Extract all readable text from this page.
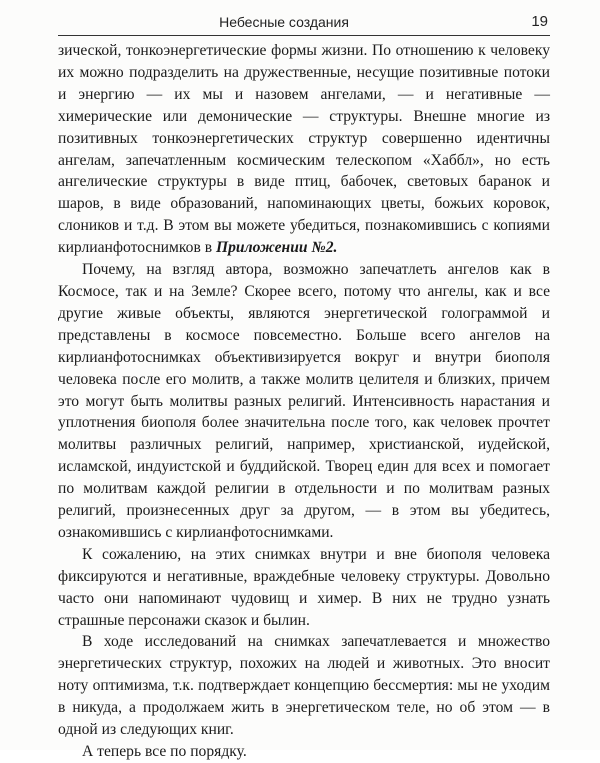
Небесные создания	19

зической, тонкоэнергетические формы жизни. По отношению к человеку их можно подразделить на дружественные, несущие позитивные потоки и энергию — их мы и назовем ангелами, — и негативные — химерические или демонические — структуры. Внешне многие из позитивных тонкоэнергетических структур совершенно идентичны ангелам, запечатленным космическим телескопом «Хаббл», но есть ангелические структуры в виде птиц, бабочек, световых баранок и шаров, в виде образований, напоминающих цветы, божьих коровок, слоников и т.д. В этом вы можете убедиться, познакомившись с копиями кирлианфотоснимков в Приложении №2.

Почему, на взгляд автора, возможно запечатлеть ангелов как в Космосе, так и на Земле? Скорее всего, потому что ангелы, как и все другие живые объекты, являются энергетической голограммой и представлены в космосе повсеместно. Больше всего ангелов на кирлианфотоснимках объективизируется вокруг и внутри биополя человека после его молитв, а также молитв целителя и близких, причем это могут быть молитвы разных религий. Интенсивность нарастания и уплотнения биополя более значительна после того, как человек прочтет молитвы различных религий, например, христианской, иудейской, исламской, индуистской и буддийской. Творец един для всех и помогает по молитвам каждой религии в отдельности и по молитвам разных религий, произнесенных друг за другом, — в этом вы убедитесь, ознакомившись с кирлианфотоснимками.

К сожалению, на этих снимках внутри и вне биополя человека фиксируются и негативные, враждебные человеку структуры. Довольно часто они напоминают чудовищ и химер. В них не трудно узнать страшные персонажи сказок и былин.

В ходе исследований на снимках запечатлевается и множество энергетических структур, похожих на людей и животных. Это вносит ноту оптимизма, т.к. подтверждает концепцию бессмертия: мы не уходим в никуда, а продолжаем жить в энергетическом теле, но об этом — в одной из следующих книг.

А теперь все по порядку.
